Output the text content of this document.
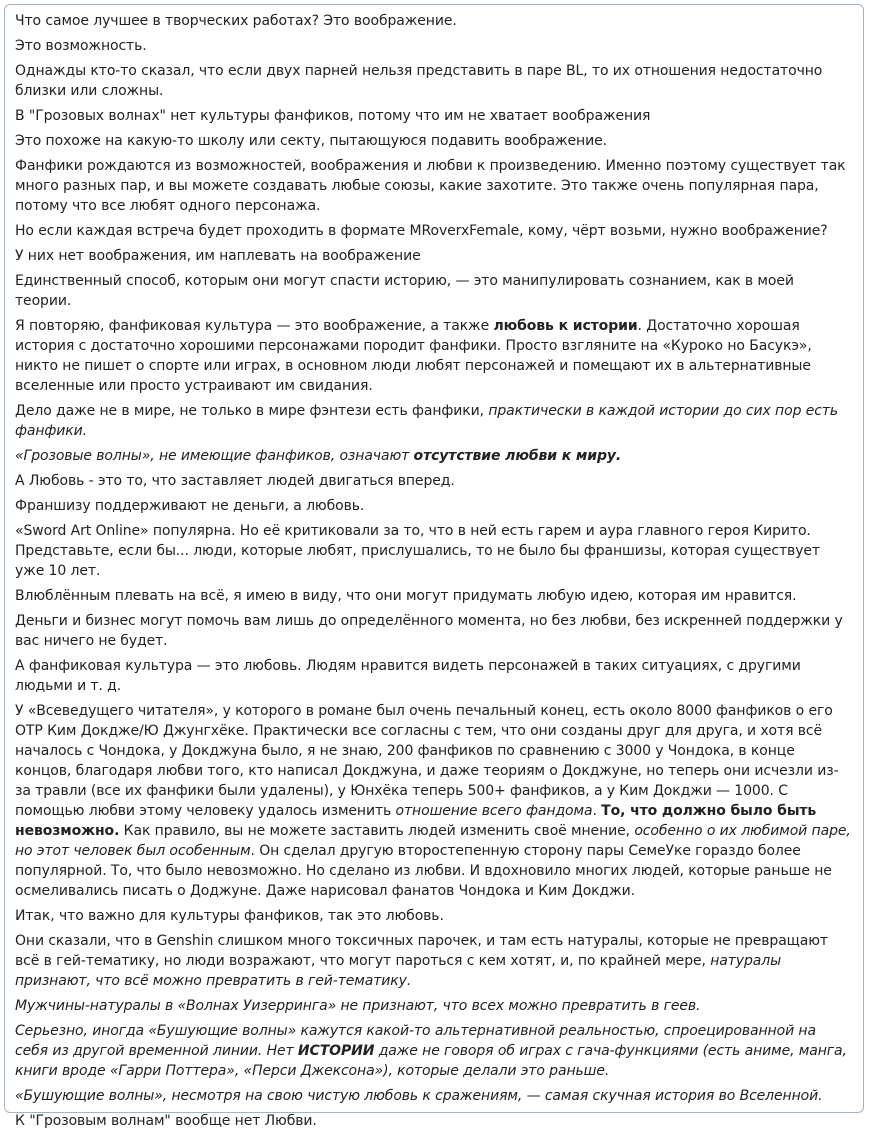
Что самое лучшее в творческих работах? Это воображение.

Это возможность.

Однажды кто-то сказал, что если двух парней нельзя представить в паре BL, то их отношения недостаточно близки или сложны.

В "Грозовых волнах" нет культуры фанфиков, потому что им не хватает воображения

Это похоже на какую-то школу или секту, пытающуюся подавить воображение.

Фанфики рождаются из возможностей, воображения и любви к произведению. Именно поэтому существует так много разных пар, и вы можете создавать любые союзы, какие захотите. Это также очень популярная пара, потому что все любят одного персонажа.

Но если каждая встреча будет проходить в формате MRoverxFemale, кому, чёрт возьми, нужно воображение?

У них нет воображения, им наплевать на воображение

Единственный способ, которым они могут спасти историю, — это манипулировать сознанием, как в моей теории.

Я повторяю, фанфиковая культура — это воображение, а также любовь к истории. Достаточно хорошая история с достаточно хорошими персонажами породит фанфики. Просто взгляните на «Куроко но Басукэ», никто не пишет о спорте или играх, в основном люди любят персонажей и помещают их в альтернативные вселенные или просто устраивают им свидания.

Дело даже не в мире, не только в мире фэнтези есть фанфики, практически в каждой истории до сих пор есть фанфики.

«Грозовые волны», не имеющие фанфиков, означают отсутствие любви к миру.

А Любовь - это то, что заставляет людей двигаться вперед.

Франшизу поддерживают не деньги, а любовь.

«Sword Art Online» популярна. Но её критиковали за то, что в ней есть гарем и аура главного героя Кирито. Представьте, если бы... люди, которые любят, прислушались, то не было бы франшизы, которая существует уже 10 лет.

Влюблённым плевать на всё, я имею в виду, что они могут придумать любую идею, которая им нравится.

Деньги и бизнес могут помочь вам лишь до определённого момента, но без любви, без искренней поддержки у вас ничего не будет.

А фанфиковая культура — это любовь. Людям нравится видеть персонажей в таких ситуациях, с другими людьми и т. д.

У «Всеведущего читателя», у которого в романе был очень печальный конец, есть около 8000 фанфиков о его ОТР Ким Докдже/Ю Джунгхёке. Практически все согласны с тем, что они созданы друг для друга, и хотя всё началось с Чондока, у Докджуна было, я не знаю, 200 фанфиков по сравнению с 3000 у Чондока, в конце концов, благодаря любви того, кто написал Докджуна, и даже теориям о Докджуне, но теперь они исчезли из-за травли (все их фанфики были удалены), у Юнхёка теперь 500+ фанфиков, а у Ким Докджи — 1000. С помощью любви этому человеку удалось изменить отношение всего фандома. То, что должно было быть невозможно. Как правило, вы не можете заставить людей изменить своё мнение, особенно о их любимой паре, но этот человек был особенным. Он сделал другую второстепенную сторону пары СемеУке гораздо более популярной. То, что было невозможно. Но сделано из любви. И вдохновило многих людей, которые раньше не осмеливались писать о Доджуне. Даже нарисовал фанатов Чондока и Ким Докджи.

Итак, что важно для культуры фанфиков, так это любовь.

Они сказали, что в Genshin слишком много токсичных парочек, и там есть натуралы, которые не превращают всё в гей-тематику, но люди возражают, что могут пароться с кем хотят, и, по крайней мере, натуралы признают, что всё можно превратить в гей-тематику.

Мужчины-натуралы в «Волнах Уизерринга» не признают, что всех можно превратить в геев.

Серьезно, иногда «Бушующие волны» кажутся какой-то альтернативной реальностью, спроецированной на себя из другой временной линии. Нет ИСТОРИИ даже не говоря об играх с гача-функциями (есть аниме, манга, книги вроде «Гарри Поттера», «Перси Джексона»), которые делали это раньше.

«Бушующие волны», несмотря на свою чистую любовь к сражениям, — самая скучная история во Вселенной.

К "Грозовым волнам" вообще нет Любви.
